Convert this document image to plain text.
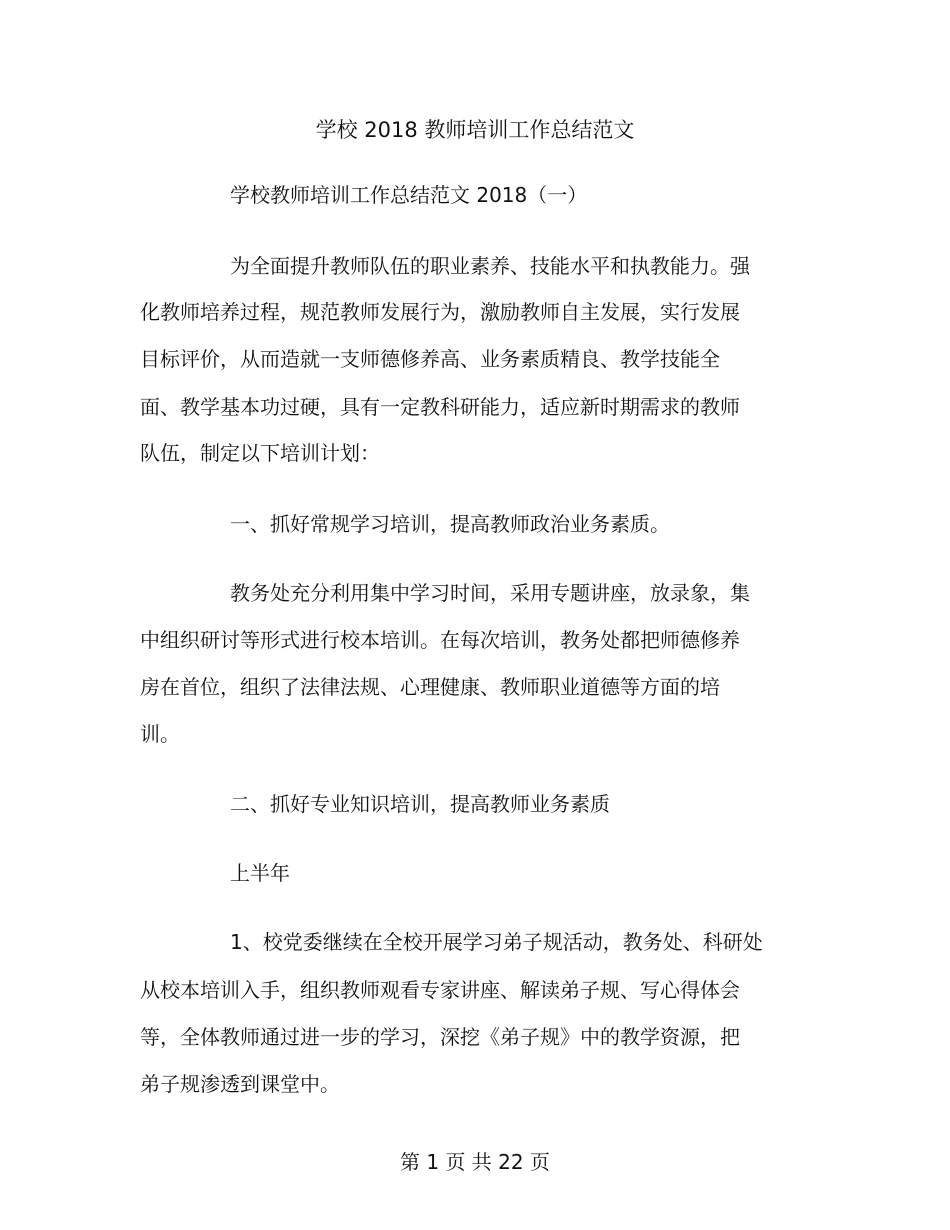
学校 2018 教师培训工作总结范文
学校教师培训工作总结范文 2018（一）
为全面提升教师队伍的职业素养、技能水平和执教能力。强
化教师培养过程，规范教师发展行为，激励教师自主发展，实行发展
目标评价，从而造就一支师德修养高、业务素质精良、教学技能全
面、教学基本功过硬，具有一定教科研能力，适应新时期需求的教师
队伍，制定以下培训计划：
一、抓好常规学习培训，提高教师政治业务素质。
教务处充分利用集中学习时间，采用专题讲座，放录象，集
中组织研讨等形式进行校本培训。在每次培训，教务处都把师德修养
房在首位，组织了法律法规、心理健康、教师职业道德等方面的培
训。
二、抓好专业知识培训，提高教师业务素质
上半年
1、校党委继续在全校开展学习弟子规活动，教务处、科研处
从校本培训入手，组织教师观看专家讲座、解读弟子规、写心得体会
等，全体教师通过进一步的学习，深挖《弟子规》中的教学资源，把
弟子规渗透到课堂中。
第 1 页 共 22 页
